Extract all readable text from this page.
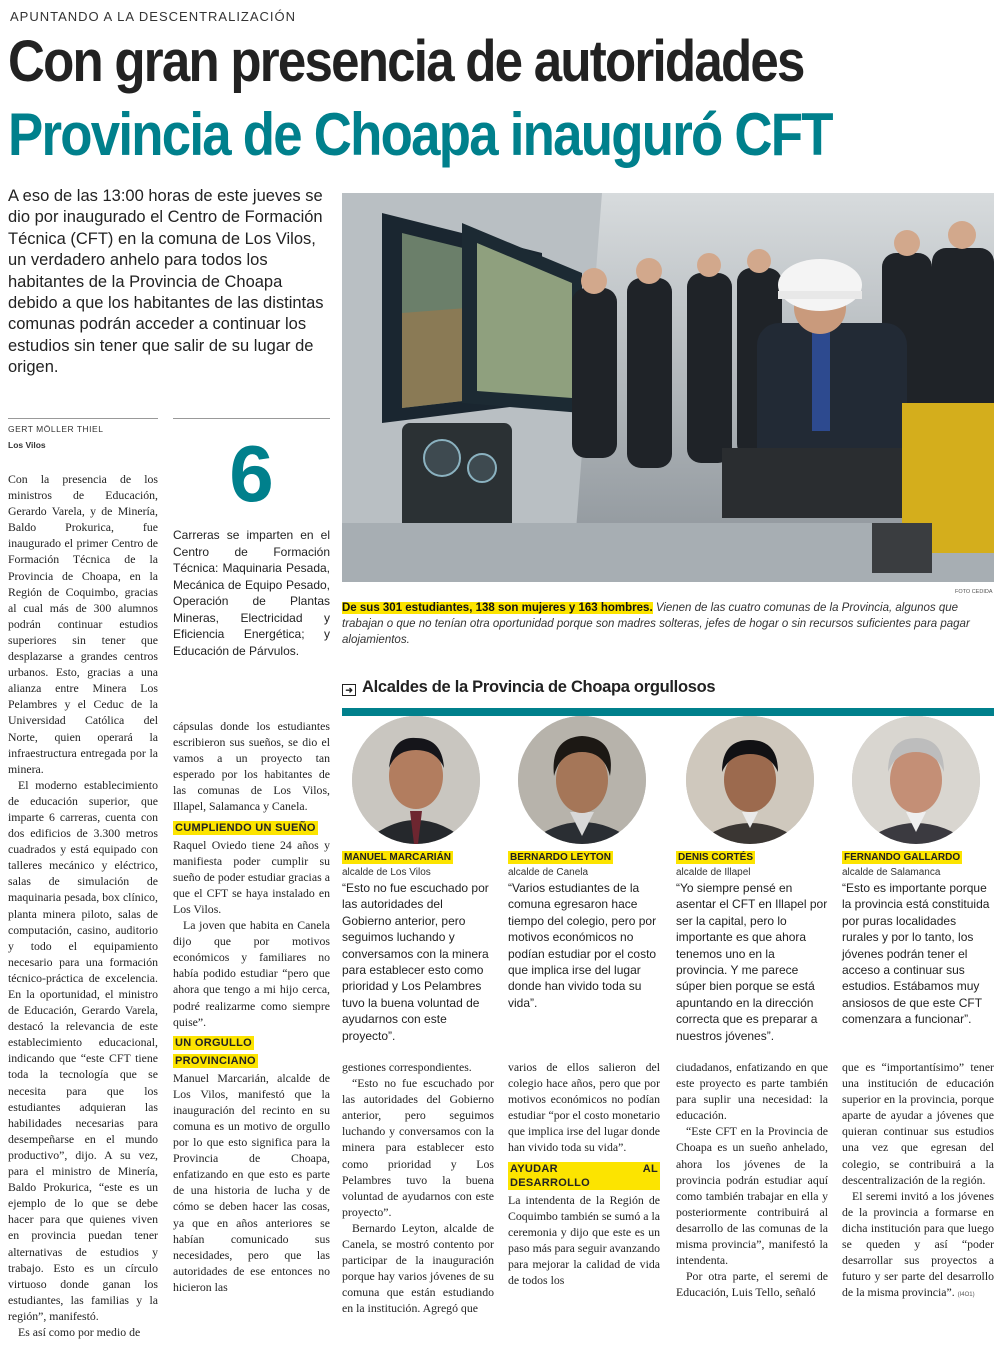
APUNTANDO A LA DESCENTRALIZACIÓN
Con gran presencia de autoridades
Provincia de Choapa inauguró CFT
A eso de las 13:00 horas de este jueves se dio por inaugurado el Centro de Formación Técnica (CFT) en la comuna de Los Vilos, un verdadero anhelo para todos los habitantes de la Provincia de Choapa debido a que los habitantes de las distintas comunas podrán acceder a continuar los estudios sin tener que salir de su lugar de origen.
GERT MÖLLER THIEL
Los Vilos	6
Carreras se imparten en el Centro de Formación Técnica: Maquinaria Pesada, Mecánica de Equipo Pesado, Operación de Plantas Mineras, Electricidad y Eficiencia Energética; y Educación de Párvulos.

Con la presencia de los ministros de Educación, Gerardo Varela, y de Minería, Baldo Prokurica, fue inaugurado el primer Centro de Formación Técnica de la Provincia de Choapa, en la Región de Coquimbo, gracias al cual más de 300 alumnos podrán continuar estudios superiores sin tener que desplazarse a grandes centros urbanos. Esto, gracias a una alianza entre Minera Los Pelambres y el Ceduc de la Universidad Católica del Norte, quien operará la infraestructura entregada por la minera.

El moderno establecimiento de educación superior, que imparte 6 carreras, cuenta con dos edificios de 3.300 metros cuadrados y está equipado con talleres mecánico y eléctrico, salas de simulación de maquinaria pesada, box clínico, planta minera piloto, salas de computación, casino, auditorio y todo el equipamiento necesario para una formación técnico-práctica de excelencia. En la oportunidad, el ministro de Educación, Gerardo Varela, destacó la relevancia de este establecimiento educacional, indicando que “este CFT tiene toda la tecnología que se necesita para que los estudiantes adquieran las habilidades necesarias para desempeñarse en el mundo productivo”, dijo. A su vez, para el ministro de Minería, Baldo Prokurica, “este es un ejemplo de lo que se debe hacer para que quienes viven en provincia puedan tener alternativas de estudios y trabajo. Esto es un círculo virtuoso donde ganan los estudiantes, las familias y la región”, manifestó.

Es así como por medio de

cápsulas donde los estudiantes escribieron sus sueños, se dio el vamos a un proyecto tan esperado por los habitantes de las comunas de Los Vilos, Illapel, Salamanca y Canela.

CUMPLIENDO UN SUEÑO

Raquel Oviedo tiene 24 años y manifiesta poder cumplir su sueño de poder estudiar gracias a que el CFT se haya instalado en Los Vilos.

La joven que habita en Canela dijo que por motivos económicos y familiares no había podido estudiar “pero que ahora que tengo a mi hijo cerca, podré realizarme como siempre quise”.

UN ORGULLO
PROVINCIANO

Manuel Marcarián, alcalde de Los Vilos, manifestó que la inauguración del recinto en su comuna es un motivo de orgullo por lo que esto significa para la Provincia de Choapa, enfatizando en que esto es parte de una historia de lucha y de cómo se deben hacer las cosas, ya que en años anteriores se habían comunicado sus necesidades, pero que las autoridades de ese entonces no hicieron las

FOTO CEDIDA
De sus 301 estudiantes, 138 son mujeres y 163 hombres. Vienen de las cuatro comunas de la Provincia, algunos que trabajan o que no tenían otra oportunidad porque son madres solteras, jefes de hogar o sin recursos suficientes para pagar alojamientos.
➜ Alcaldes de la Provincia de Choapa orgullosos
MANUEL MARCARIÁN
alcalde de Los Vilos
“Esto no fue escuchado por las autoridades del Gobierno anterior, pero seguimos luchando y conversamos con la minera para establecer esto como prioridad y Los Pelambres tuvo la buena voluntad de ayudarnos con este proyecto”.
BERNARDO LEYTON
alcalde de Canela
“Varios estudiantes de la comuna egresaron hace tiempo del colegio, pero por motivos económicos no podían estudiar por el costo que implica irse del lugar donde han vivido toda su vida”.
DENIS CORTÉS
alcalde de Illapel
“Yo siempre pensé en asentar el CFT en Illapel por ser la capital, pero lo importante es que ahora tenemos uno en la provincia. Y me parece súper bien porque se está apuntando en la dirección correcta que es preparar a nuestros jóvenes”.
FERNANDO GALLARDO
alcalde de Salamanca
“Esto es importante porque la provincia está constituida por puras localidades rurales y por lo tanto, los jóvenes podrán tener el acceso a continuar sus estudios. Estábamos muy ansiosos de que este CFT comenzara a funcionar”.

gestiones correspondientes.

“Esto no fue escuchado por las autoridades del Gobierno anterior, pero seguimos luchando y conversamos con la minera para establecer esto como prioridad y Los Pelambres tuvo la buena voluntad de ayudarnos con este proyecto”.

Bernardo Leyton, alcalde de Canela, se mostró contento por participar de la inauguración porque hay varios jóvenes de su comuna que están estudiando en la institución. Agregó que

varios de ellos salieron del colegio hace años, pero que por motivos económicos no podían estudiar “por el costo monetario que implica irse del lugar donde han vivido toda su vida”.

AYUDAR AL DESARROLLO

La intendenta de la Región de Coquimbo también se sumó a la ceremonia y dijo que este es un paso más para seguir avanzando para mejorar la calidad de vida de todos los

ciudadanos, enfatizando en que este proyecto es parte también para suplir una necesidad: la educación.

“Este CFT en la Provincia de Choapa es un sueño anhelado, ahora los jóvenes de la provincia podrán estudiar aquí como también trabajar en ella y posteriormente contribuirá al desarrollo de las comunas de la misma provincia”, manifestó la intendenta.

Por otra parte, el seremi de Educación, Luis Tello, señaló

que es “importantísimo” tener una institución de educación superior en la provincia, porque aparte de ayudar a jóvenes que quieran continuar sus estudios una vez que egresan del colegio, se contribuirá a la descentralización de la región.

El seremi invitó a los jóvenes de la provincia a formarse en dicha institución para que luego se queden y así “poder desarrollar sus proyectos a futuro y ser parte del desarrollo de la misma provincia”. (I4O1)
